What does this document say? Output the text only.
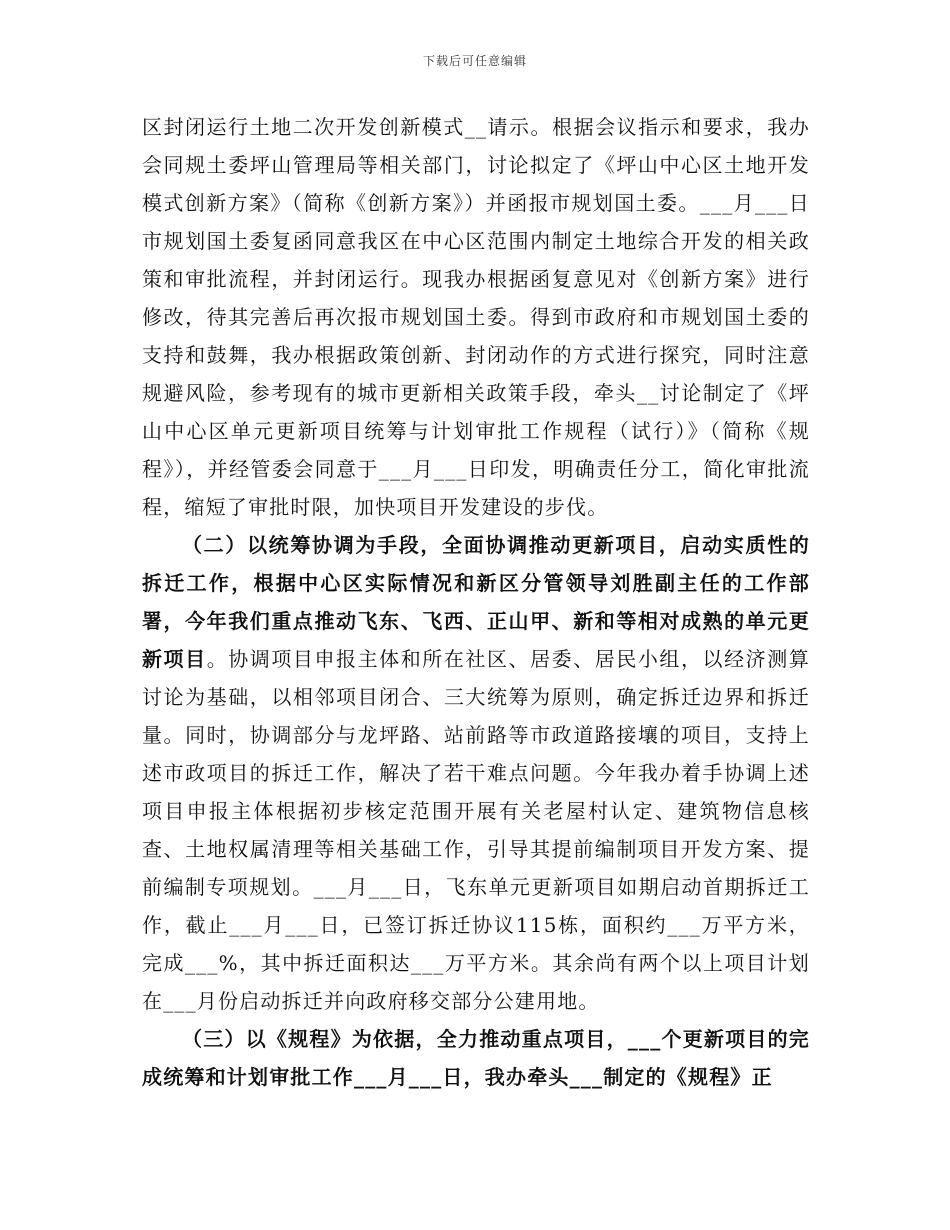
下载后可任意编辑

区封闭运行土地二次开发创新模式__请示。根据会议指示和要求，我办会同规土委坪山管理局等相关部门，讨论拟定了《坪山中心区土地开发模式创新方案》（简称《创新方案》）并函报市规划国土委。___月___日市规划国土委复函同意我区在中心区范围内制定土地综合开发的相关政策和审批流程，并封闭运行。现我办根据函复意见对《创新方案》进行修改，待其完善后再次报市规划国土委。得到市政府和市规划国土委的支持和鼓舞，我办根据政策创新、封闭动作的方式进行探究，同时注意规避风险，参考现有的城市更新相关政策手段，牵头__讨论制定了《坪山中心区单元更新项目统筹与计划审批工作规程（试行）》（简称《规程》），并经管委会同意于___月___日印发，明确责任分工，简化审批流程，缩短了审批时限，加快项目开发建设的步伐。

（二）以统筹协调为手段，全面协调推动更新项目，启动实质性的拆迁工作，根据中心区实际情况和新区分管领导刘胜副主任的工作部署，今年我们重点推动飞东、飞西、正山甲、新和等相对成熟的单元更新项目。协调项目申报主体和所在社区、居委、居民小组，以经济测算讨论为基础，以相邻项目闭合、三大统筹为原则，确定拆迁边界和拆迁量。同时，协调部分与龙坪路、站前路等市政道路接壤的项目，支持上述市政项目的拆迁工作，解决了若干难点问题。今年我办着手协调上述项目申报主体根据初步核定范围开展有关老屋村认定、建筑物信息核查、土地权属清理等相关基础工作，引导其提前编制项目开发方案、提前编制专项规划。___月___日，飞东单元更新项目如期启动首期拆迁工作，截止___月___日，已签订拆迁协议115栋，面积约___万平方米，完成___%，其中拆迁面积达___万平方米。其余尚有两个以上项目计划在___月份启动拆迁并向政府移交部分公建用地。

（三）以《规程》为依据，全力推动重点项目，___个更新项目的完成统筹和计划审批工作___月___日，我办牵头___制定的《规程》正
